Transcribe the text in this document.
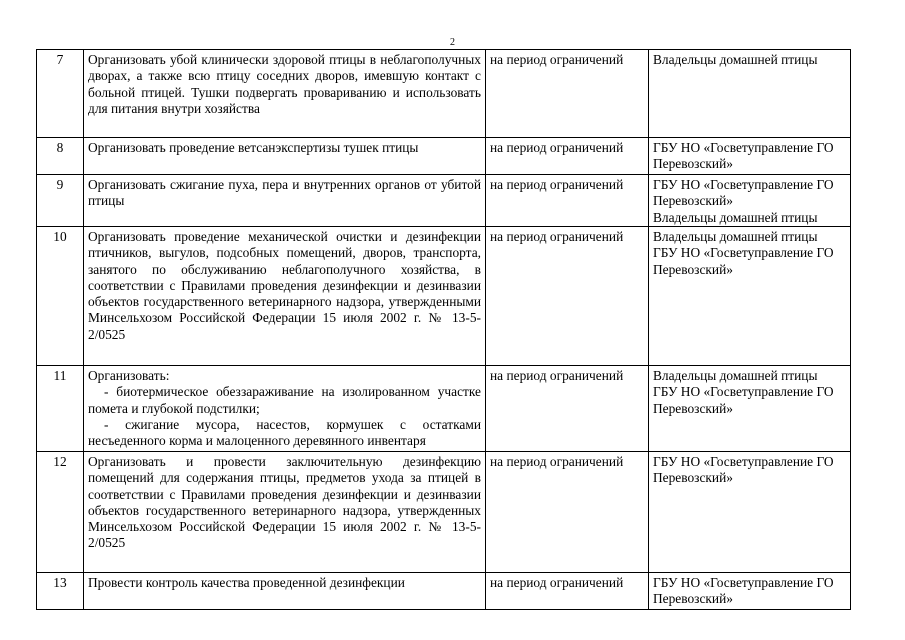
2
7	Организовать убой клинически здоровой птицы в неблагополучных дворах, а также всю птицу соседних дворов, имевшую контакт с больной птицей. Тушки подвергать провариванию и использовать для питания внутри хозяйства	на период ограничений	Владельцы домашней птицы

8	Организовать проведение ветсанэкспертизы тушек птицы	на период ограничений	ГБУ НО «Госветуправление ГО Перевозский»

9	Организовать сжигание пуха, пера и внутренних органов от убитой птицы	на период ограничений	ГБУ НО «Госветуправление ГО Перевозский»
Владельцы домашней птицы

10	Организовать проведение механической очистки и дезинфекции птичников, выгулов, подсобных помещений, дворов, транспорта, занятого по обслуживанию неблагополучного хозяйства, в соответствии с Правилами проведения дезинфекции и дезинвазии объектов государственного ветеринарного надзора, утвержденными Минсельхозом Российской Федерации 15 июля 2002 г. № 13-5-2/0525	на период ограничений	Владельцы домашней птицы
ГБУ НО «Госветуправление ГО Перевозский»

11	Организовать:
- биотермическое обеззараживание на изолированном участке помета и глубокой подстилки;
- сжигание мусора, насестов, кормушек с остатками несъеденного корма и малоценного деревянного инвентаря	на период ограничений	Владельцы домашней птицы
ГБУ НО «Госветуправление ГО Перевозский»

12	Организовать и провести заключительную дезинфекцию помещений для содержания птицы, предметов ухода за птицей в соответствии с Правилами проведения дезинфекции и дезинвазии объектов государственного ветеринарного надзора, утвержденных Минсельхозом Российской Федерации 15 июля 2002 г. № 13-5-2/0525	на период ограничений	ГБУ НО «Госветуправление ГО Перевозский»

13	Провести контроль качества проведенной дезинфекции	на период ограничений	ГБУ НО «Госветуправление ГО Перевозский»
